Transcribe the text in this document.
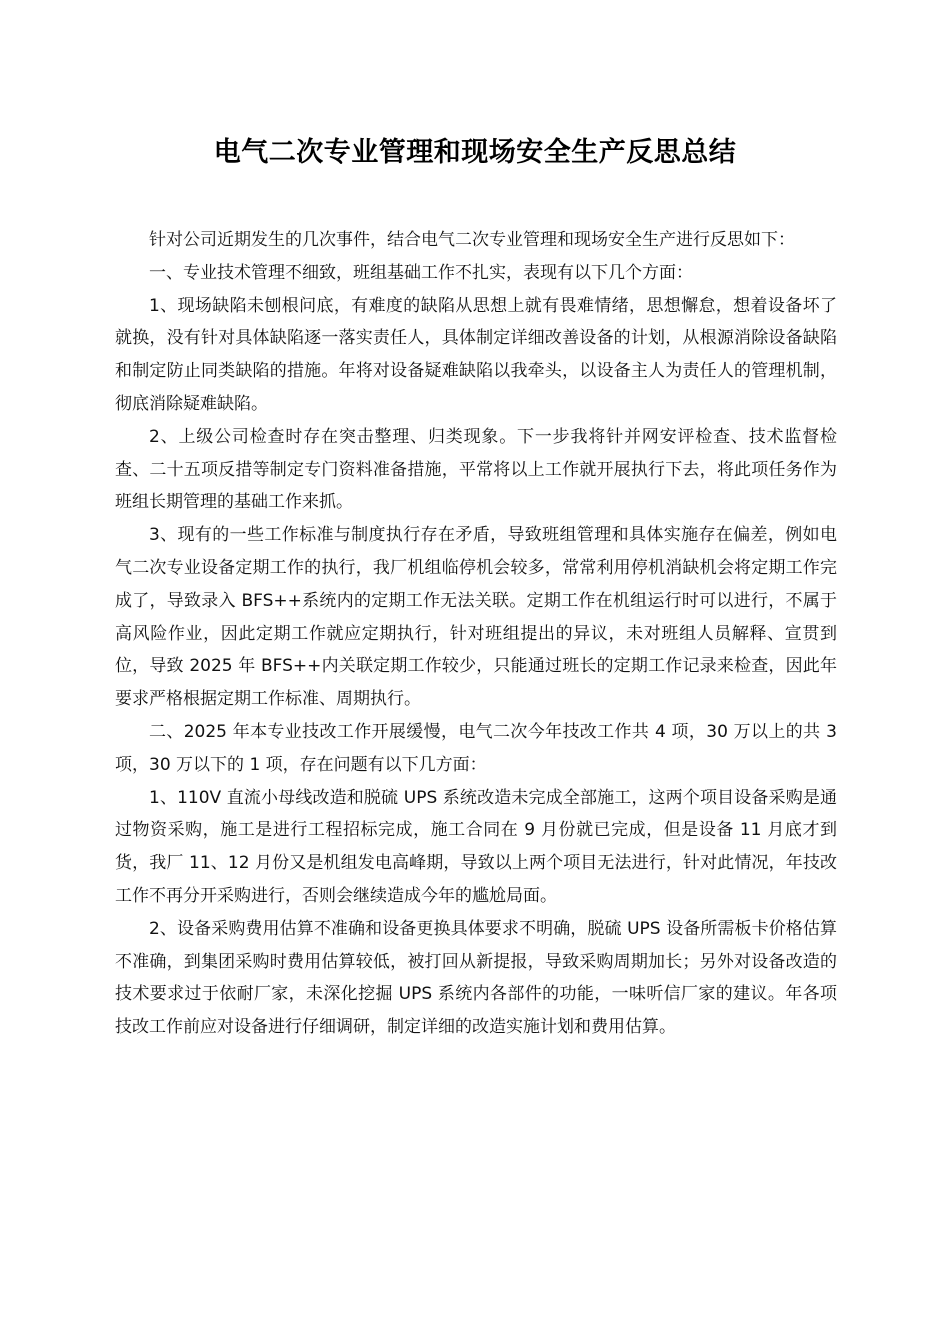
电气二次专业管理和现场安全生产反思总结

针对公司近期发生的几次事件，结合电气二次专业管理和现场安全生产进行反思如下：

一、专业技术管理不细致，班组基础工作不扎实，表现有以下几个方面：

1、现场缺陷未刨根问底，有难度的缺陷从思想上就有畏难情绪，思想懈怠，想着设备坏了就换，没有针对具体缺陷逐一落实责任人，具体制定详细改善设备的计划，从根源消除设备缺陷和制定防止同类缺陷的措施。年将对设备疑难缺陷以我牵头，以设备主人为责任人的管理机制，彻底消除疑难缺陷。

2、上级公司检查时存在突击整理、归类现象。下一步我将针并网安评检查、技术监督检查、二十五项反措等制定专门资料准备措施，平常将以上工作就开展执行下去，将此项任务作为班组长期管理的基础工作来抓。

3、现有的一些工作标准与制度执行存在矛盾，导致班组管理和具体实施存在偏差，例如电气二次专业设备定期工作的执行，我厂机组临停机会较多，常常利用停机消缺机会将定期工作完成了，导致录入 BFS++系统内的定期工作无法关联。定期工作在机组运行时可以进行，不属于高风险作业，因此定期工作就应定期执行，针对班组提出的异议，未对班组人员解释、宣贯到位，导致 2025 年 BFS++内关联定期工作较少，只能通过班长的定期工作记录来检查，因此年要求严格根据定期工作标准、周期执行。

二、2025 年本专业技改工作开展缓慢，电气二次今年技改工作共 4 项，30 万以上的共 3 项，30 万以下的 1 项，存在问题有以下几方面：

1、110V 直流小母线改造和脱硫 UPS 系统改造未完成全部施工，这两个项目设备采购是通过物资采购，施工是进行工程招标完成，施工合同在 9 月份就已完成，但是设备 11 月底才到货，我厂 11、12 月份又是机组发电高峰期，导致以上两个项目无法进行，针对此情况，年技改工作不再分开采购进行，否则会继续造成今年的尴尬局面。

2、设备采购费用估算不准确和设备更换具体要求不明确，脱硫 UPS 设备所需板卡价格估算不准确，到集团采购时费用估算较低，被打回从新提报，导致采购周期加长；另外对设备改造的技术要求过于依耐厂家，未深化挖掘 UPS 系统内各部件的功能，一味听信厂家的建议。年各项技改工作前应对设备进行仔细调研，制定详细的改造实施计划和费用估算。
